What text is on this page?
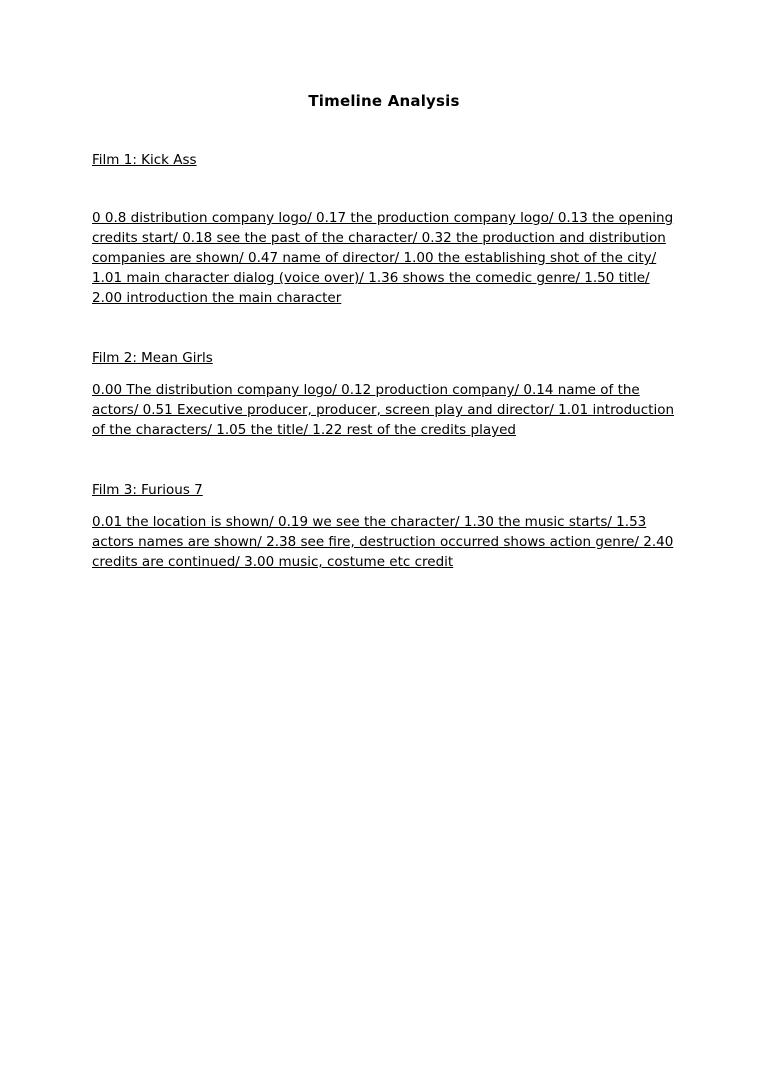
Timeline Analysis

Film 1: Kick Ass

0 0.8 distribution company logo/ 0.17 the production company logo/ 0.13 the opening credits start/ 0.18 see the past of the character/ 0.32 the production and distribution companies are shown/ 0.47 name of director/ 1.00 the establishing shot of the city/ 1.01 main character dialog (voice over)/ 1.36 shows the comedic genre/ 1.50 title/ 2.00 introduction the main character

Film 2: Mean Girls

0.00 The distribution company logo/ 0.12 production company/ 0.14 name of the actors/ 0.51 Executive producer, producer, screen play and director/ 1.01 introduction of the characters/ 1.05 the title/ 1.22 rest of the credits played

Film 3: Furious 7

0.01 the location is shown/ 0.19 we see the character/ 1.30 the music starts/ 1.53 actors names are shown/ 2.38 see fire, destruction occurred shows action genre/ 2.40 credits are continued/ 3.00 music, costume etc credit
